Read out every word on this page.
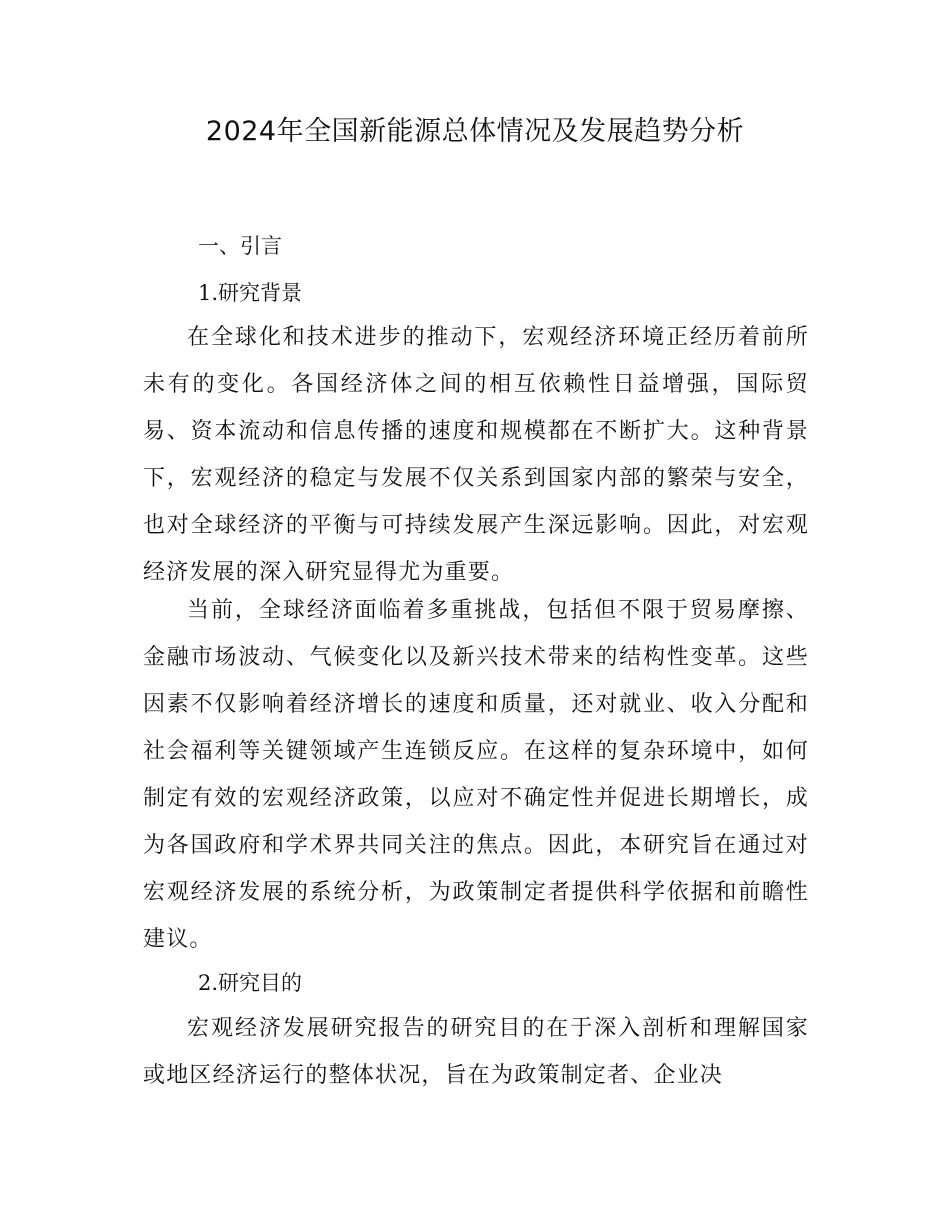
2024年全国新能源总体情况及发展趋势分析
一、引言
1.研究背景

在全球化和技术进步的推动下，宏观经济环境正经历着前所未有的变化。各国经济体之间的相互依赖性日益增强，国际贸易、资本流动和信息传播的速度和规模都在不断扩大。这种背景下，宏观经济的稳定与发展不仅关系到国家内部的繁荣与安全，也对全球经济的平衡与可持续发展产生深远影响。因此，对宏观经济发展的深入研究显得尤为重要。

当前，全球经济面临着多重挑战，包括但不限于贸易摩擦、金融市场波动、气候变化以及新兴技术带来的结构性变革。这些因素不仅影响着经济增长的速度和质量，还对就业、收入分配和社会福利等关键领域产生连锁反应。在这样的复杂环境中，如何制定有效的宏观经济政策，以应对不确定性并促进长期增长，成为各国政府和学术界共同关注的焦点。因此，本研究旨在通过对宏观经济发展的系统分析，为政策制定者提供科学依据和前瞻性建议。

2.研究目的

宏观经济发展研究报告的研究目的在于深入剖析和理解国家或地区经济运行的整体状况，旨在为政策制定者、企业决
